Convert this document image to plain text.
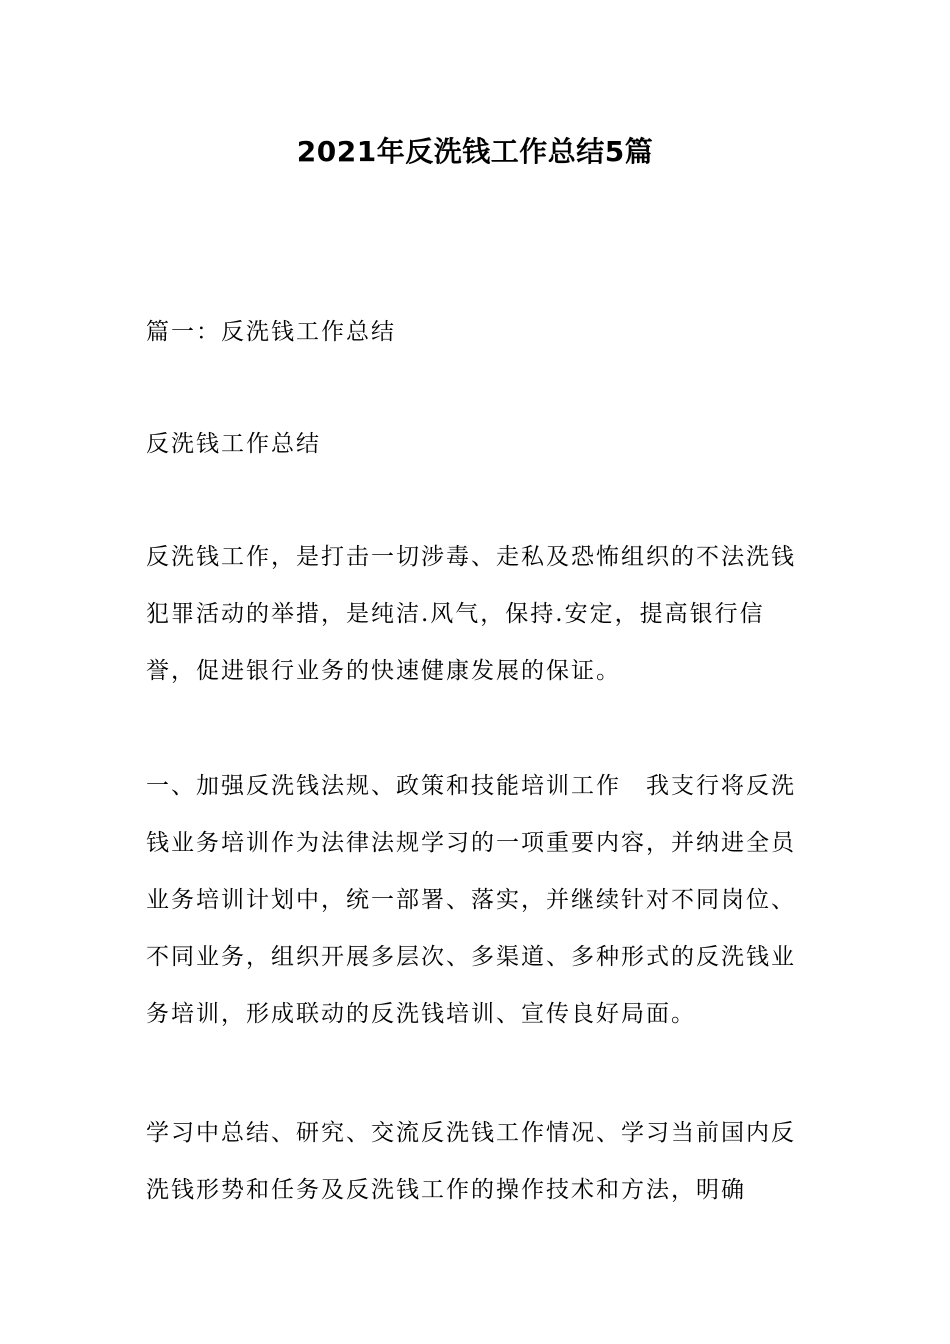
2021年反洗钱工作总结5篇

篇一：反洗钱工作总结

反洗钱工作总结

反洗钱工作，是打击一切涉毒、走私及恐怖组织的不法洗钱犯罪活动的举措，是纯洁.风气，保持.安定，提高银行信誉，促进银行业务的快速健康发展的保证。

一、加强反洗钱法规、政策和技能培训工作　我支行将反洗钱业务培训作为法律法规学习的一项重要内容，并纳进全员业务培训计划中，统一部署、落实，并继续针对不同岗位、不同业务，组织开展多层次、多渠道、多种形式的反洗钱业务培训，形成联动的反洗钱培训、宣传良好局面。

学习中总结、研究、交流反洗钱工作情况、学习当前国内反洗钱形势和任务及反洗钱工作的操作技术和方法，明确
